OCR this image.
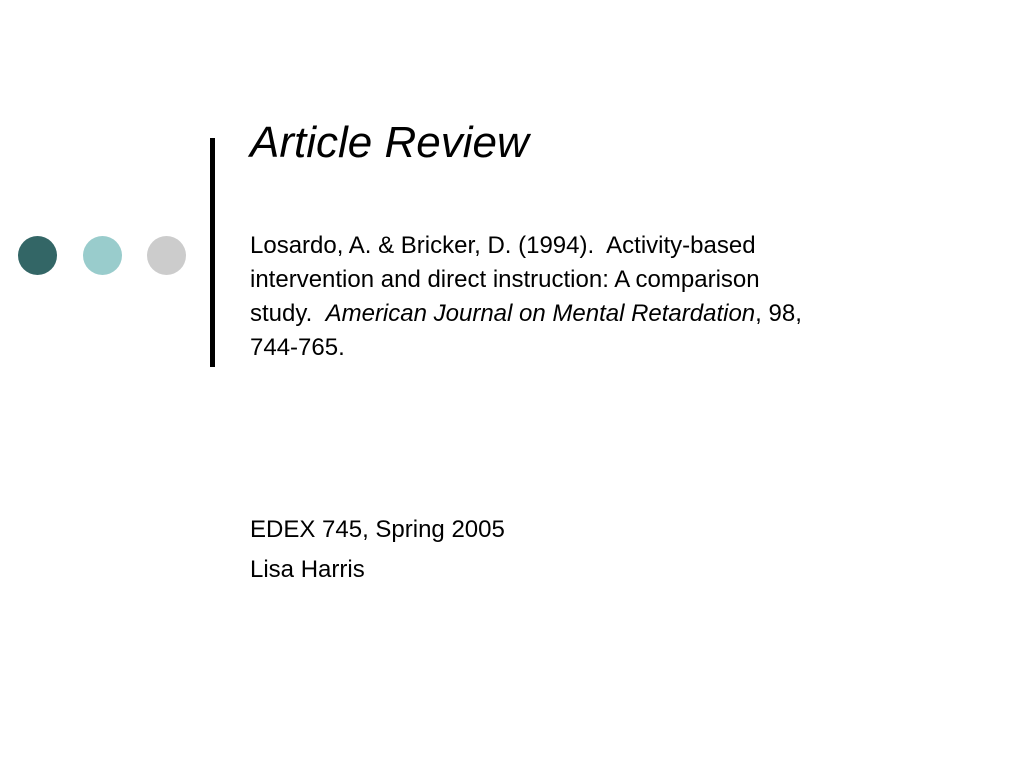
Article Review

Losardo, A. & Bricker, D. (1994).  Activity-based
intervention and direct instruction: A comparison
study.  American Journal on Mental Retardation, 98,
744-765.

EDEX 745, Spring 2005
Lisa Harris
